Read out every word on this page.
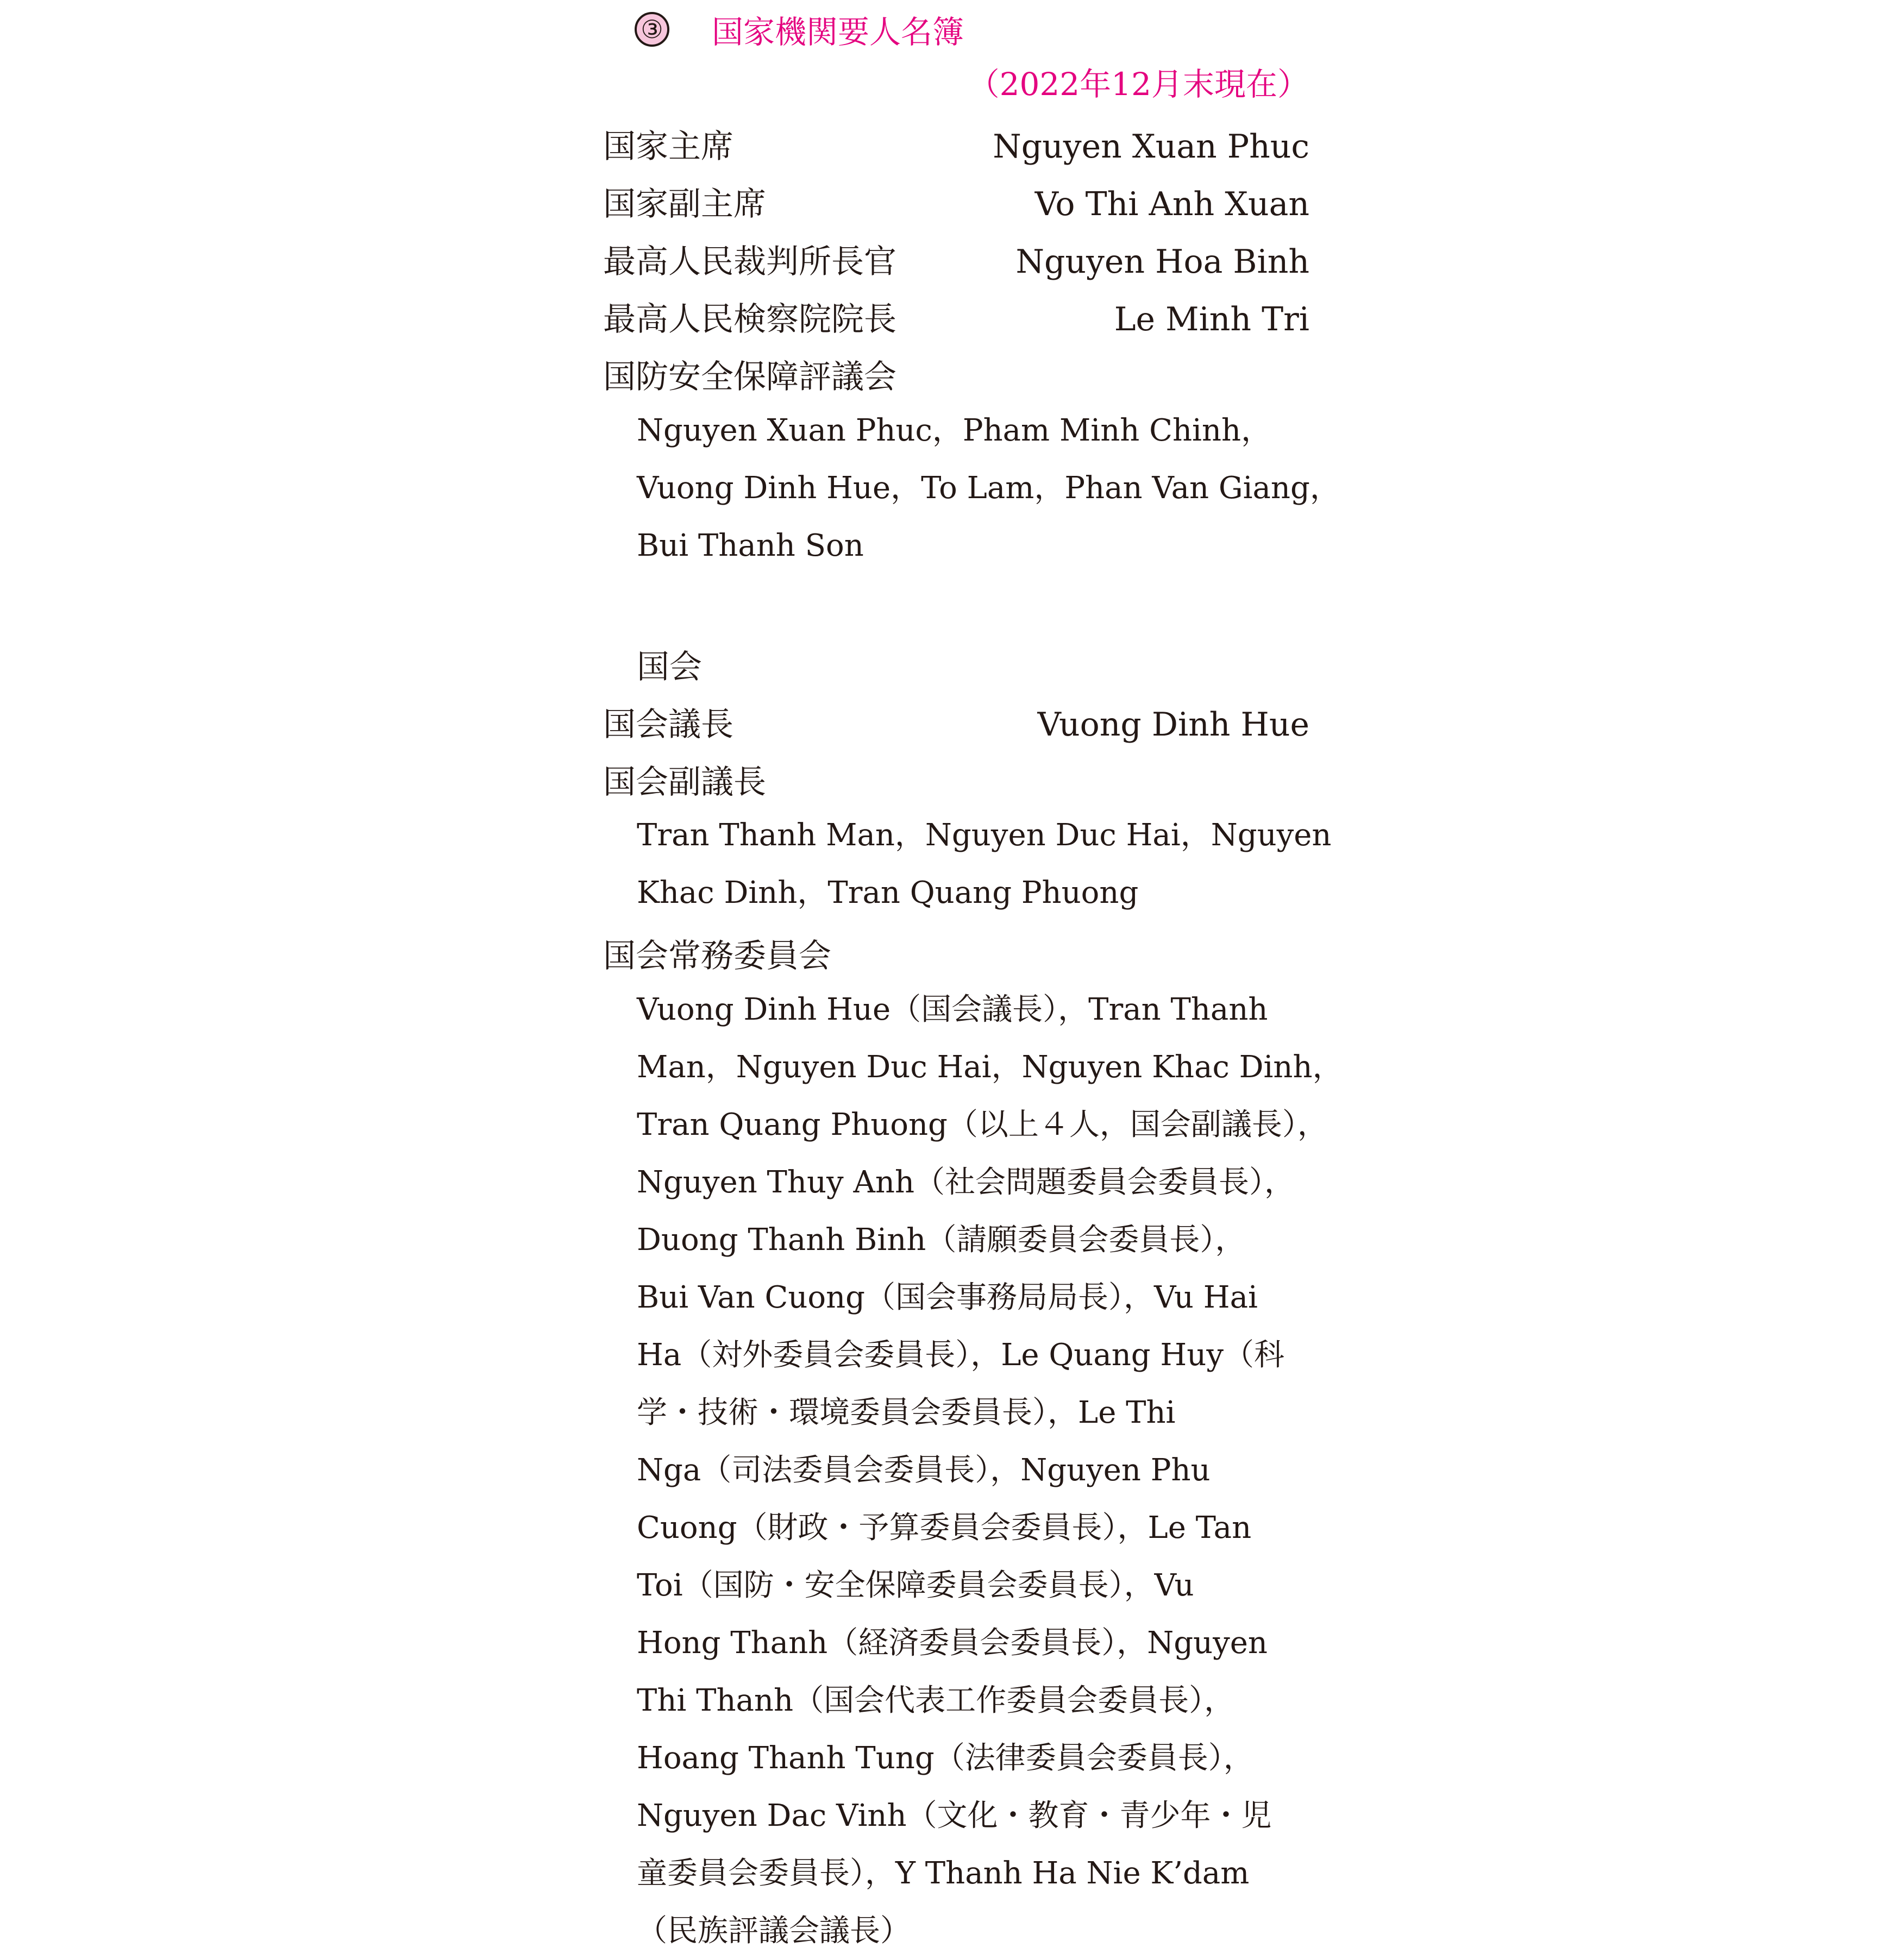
③ 国家機関要人名簿
（2022年12月末現在）
国家主席	Nguyen Xuan Phuc
国家副主席	Vo Thi Anh Xuan
最高人民裁判所長官	Nguyen Hoa Binh
最高人民検察院院長	Le Minh Tri
国防安全保障評議会
Nguyen Xuan Phuc，Pham Minh Chinh，
Vuong Dinh Hue，To Lam，Phan Van Giang，
Bui Thanh Son
国会
国会議長	Vuong Dinh Hue
国会副議長
Tran Thanh Man，Nguyen Duc Hai，Nguyen
Khac Dinh，Tran Quang Phuong
国会常務委員会
Vuong Dinh Hue（国会議長），Tran Thanh
Man，Nguyen Duc Hai，Nguyen Khac Dinh，
Tran Quang Phuong（以上４人，国会副議長），
Nguyen Thuy Anh（社会問題委員会委員長），
Duong Thanh Binh（請願委員会委員長），
Bui Van Cuong（国会事務局局長），Vu Hai
Ha（対外委員会委員長），Le Quang Huy（科
学・技術・環境委員会委員長），Le Thi
Nga（司法委員会委員長），Nguyen Phu
Cuong（財政・予算委員会委員長），Le Tan
Toi（国防・安全保障委員会委員長），Vu
Hong Thanh（経済委員会委員長），Nguyen
Thi Thanh（国会代表工作委員会委員長），
Hoang Thanh Tung（法律委員会委員長），
Nguyen Dac Vinh（文化・教育・青少年・児
童委員会委員長），Y Thanh Ha Nie K’dam
（民族評議会議長）
